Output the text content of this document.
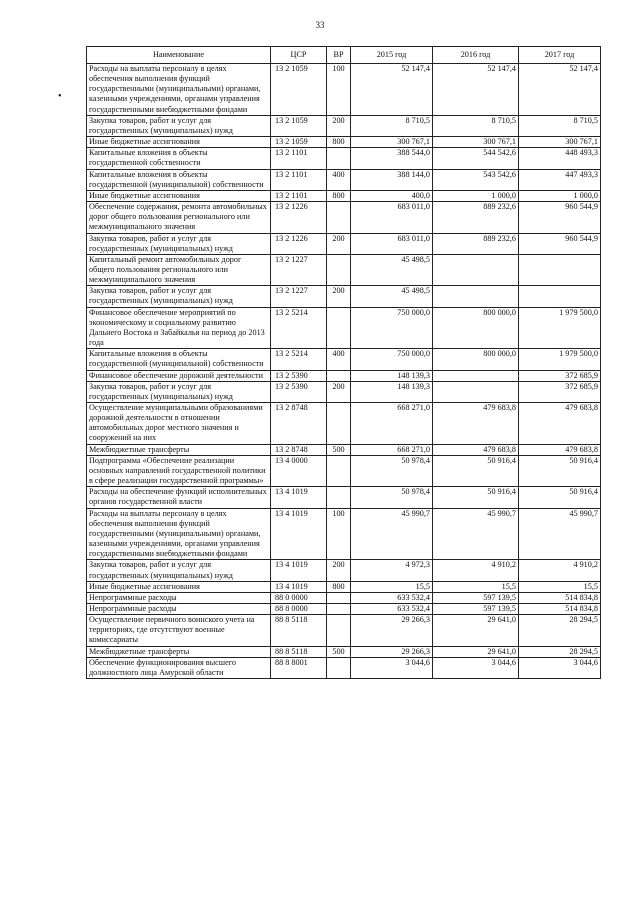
33
•
Наименование	ЦСР	ВР	2015 год	2016 год	2017 год
Расходы на выплаты персоналу в целях обеспечения выполнения функций государственными (муниципальными) органами, казенными учреждениями, органами управления государственными внебюджетными фондами	13 2 1059	100	52 147,4	52 147,4	52 147,4
Закупка товаров, работ и услуг для государственных (муниципальных) нужд	13 2 1059	200	8 710,5	8 710,5	8 710,5
Иные бюджетные ассигнования	13 2 1059	800	300 767,1	300 767,1	300 767,1
Капитальные вложения в объекты государственной собственности	13 2 1101		388 544,0	544 542,6	448 493,3
Капитальные вложения в объекты государственной (муниципальной) собственности	13 2 1101	400	388 144,0	543 542,6	447 493,3
Иные бюджетные ассигнования	13 2 1101	800	400,0	1 000,0	1 000,0
Обеспечение содержания, ремонта автомобильных дорог общего пользования регионального или межмуниципального значения	13 2 1226		683 011,0	889 232,6	960 544,9
Закупка товаров, работ и услуг для государственных (муниципальных) нужд	13 2 1226	200	683 011,0	889 232,6	960 544,9
Капитальный ремонт автомобильных дорог общего пользования регионального или межмуниципального значения	13 2 1227		45 498,5		
Закупка товаров, работ и услуг для государственных (муниципальных) нужд	13 2 1227	200	45 498,5		
Финансовое обеспечение мероприятий по экономическому и социальному развитию Дальнего Востока и Забайкалья на период до 2013 года	13 2 5214		750 000,0	800 000,0	1 979 500,0
Капитальные вложения в объекты государственной (муниципальной) собственности	13 2 5214	400	750 000,0	800 000,0	1 979 500,0
Финансовое обеспечение дорожной деятельности	13 2 5390		148 139,3		372 685,9
Закупка товаров, работ и услуг для государственных (муниципальных) нужд	13 2 5390	200	148 139,3		372 685,9
Осуществление муниципальными образованиями дорожной деятельности в отношении автомобильных дорог местного значения и сооружений на них	13 2 8748		668 271,0	479 683,8	479 683,8
Межбюджетные трансферты	13 2 8748	500	668 271,0	479 683,8	479 683,8
Подпрограмма «Обеспечение реализации основных направлений государственной политики в сфере реализации государственной программы»	13 4 0000		50 978,4	50 916,4	50 916,4
Расходы на обеспечение функций исполнительных органов государственной власти	13 4 1019		50 978,4	50 916,4	50 916,4
Расходы на выплаты персоналу в целях обеспечения выполнения функций государственными (муниципальными) органами, казенными учреждениями, органами управления государственными внебюджетными фондами	13 4 1019	100	45 990,7	45 990,7	45 990,7
Закупка товаров, работ и услуг для государственных (муниципальных) нужд	13 4 1019	200	4 972,3	4 910,2	4 910,2
Иные бюджетные ассигнования	13 4 1019	800	15,5	15,5	15,5
Непрограммные расходы	88 0 0000		633 532,4	597 139,5	514 834,8
Непрограммные расходы	88 8 0000		633 532,4	597 139,5	514 834,8
Осуществление первичного воинского учета на территориях, где отсутствуют военные комиссариаты	88 8 5118		29 266,3	29 641,0	28 294,5
Межбюджетные трансферты	88 8 5118	500	29 266,3	29 641,0	28 294,5
Обеспечение функционирования высшего должностного лица Амурской области	88 8 8001		3 044,6	3 044,6	3 044,6
